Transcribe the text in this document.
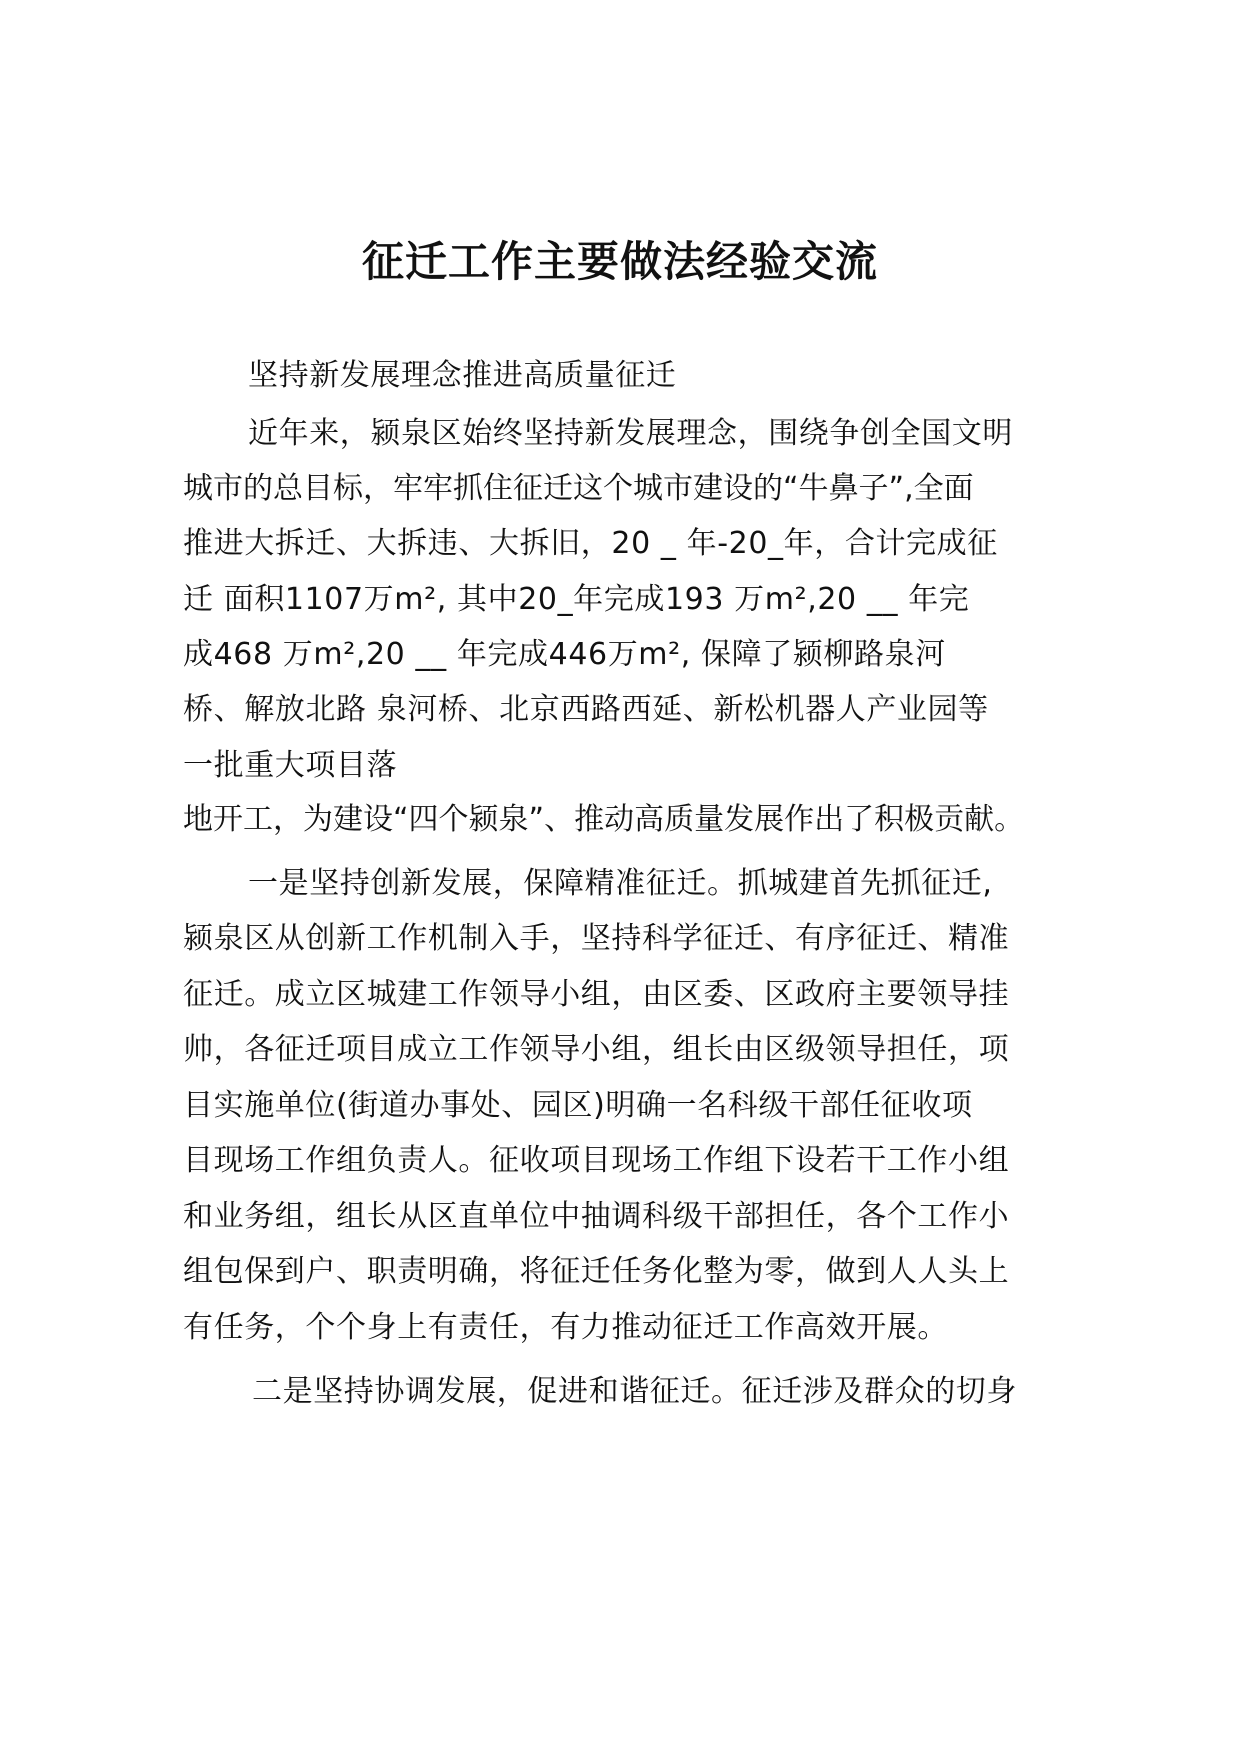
征迁工作主要做法经验交流
坚持新发展理念推进高质量征迁
近年来，颍泉区始终坚持新发展理念，围绕争创全国文明
城市的总目标，牢牢抓住征迁这个城市建设的“牛鼻子”,全面
推进大拆迁、大拆违、大拆旧，20 _ 年-20_年，合计完成征
迁 面积1107万m², 其中20_年完成193 万m²,20 __ 年完
成468 万m²,20 __ 年完成446万m², 保障了颍柳路泉河
桥、解放北路 泉河桥、北京西路西延、新松机器人产业园等
一批重大项目落
地开工，为建设“四个颍泉”、推动高质量发展作出了积极贡献。
一是坚持创新发展，保障精准征迁。抓城建首先抓征迁,
颍泉区从创新工作机制入手，坚持科学征迁、有序征迁、精准
征迁。成立区城建工作领导小组，由区委、区政府主要领导挂
帅，各征迁项目成立工作领导小组，组长由区级领导担任，项
目实施单位(街道办事处、园区)明确一名科级干部任征收项
目现场工作组负责人。征收项目现场工作组下设若干工作小组
和业务组，组长从区直单位中抽调科级干部担任，各个工作小
组包保到户、职责明确，将征迁任务化整为零，做到人人头上
有任务，个个身上有责任，有力推动征迁工作高效开展。
二是坚持协调发展，促进和谐征迁。征迁涉及群众的切身
